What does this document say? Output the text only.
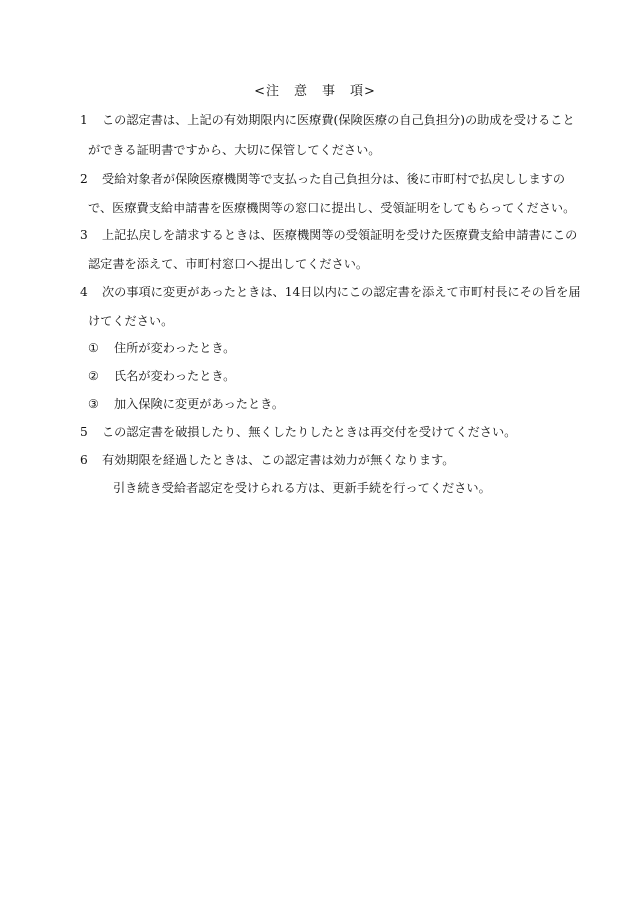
<注　意　事　項>
1 この認定書は、上記の有効期限内に医療費(保険医療の自己負担分)の助成を受けること
ができる証明書ですから、大切に保管してください。
2 受給対象者が保険医療機関等で支払った自己負担分は、後に市町村で払戻ししますの
で、医療費支給申請書を医療機関等の窓口に提出し、受領証明をしてもらってください。
3 上記払戻しを請求するときは、医療機関等の受領証明を受けた医療費支給申請書にこの
認定書を添えて、市町村窓口へ提出してください。
4 次の事項に変更があったときは、14日以内にこの認定書を添えて市町村長にその旨を届
けてください。
① 住所が変わったとき。
② 氏名が変わったとき。
③ 加入保険に変更があったとき。
5 この認定書を破損したり、無くしたりしたときは再交付を受けてください。
6 有効期限を経過したときは、この認定書は効力が無くなります。
引き続き受給者認定を受けられる方は、更新手続を行ってください。
